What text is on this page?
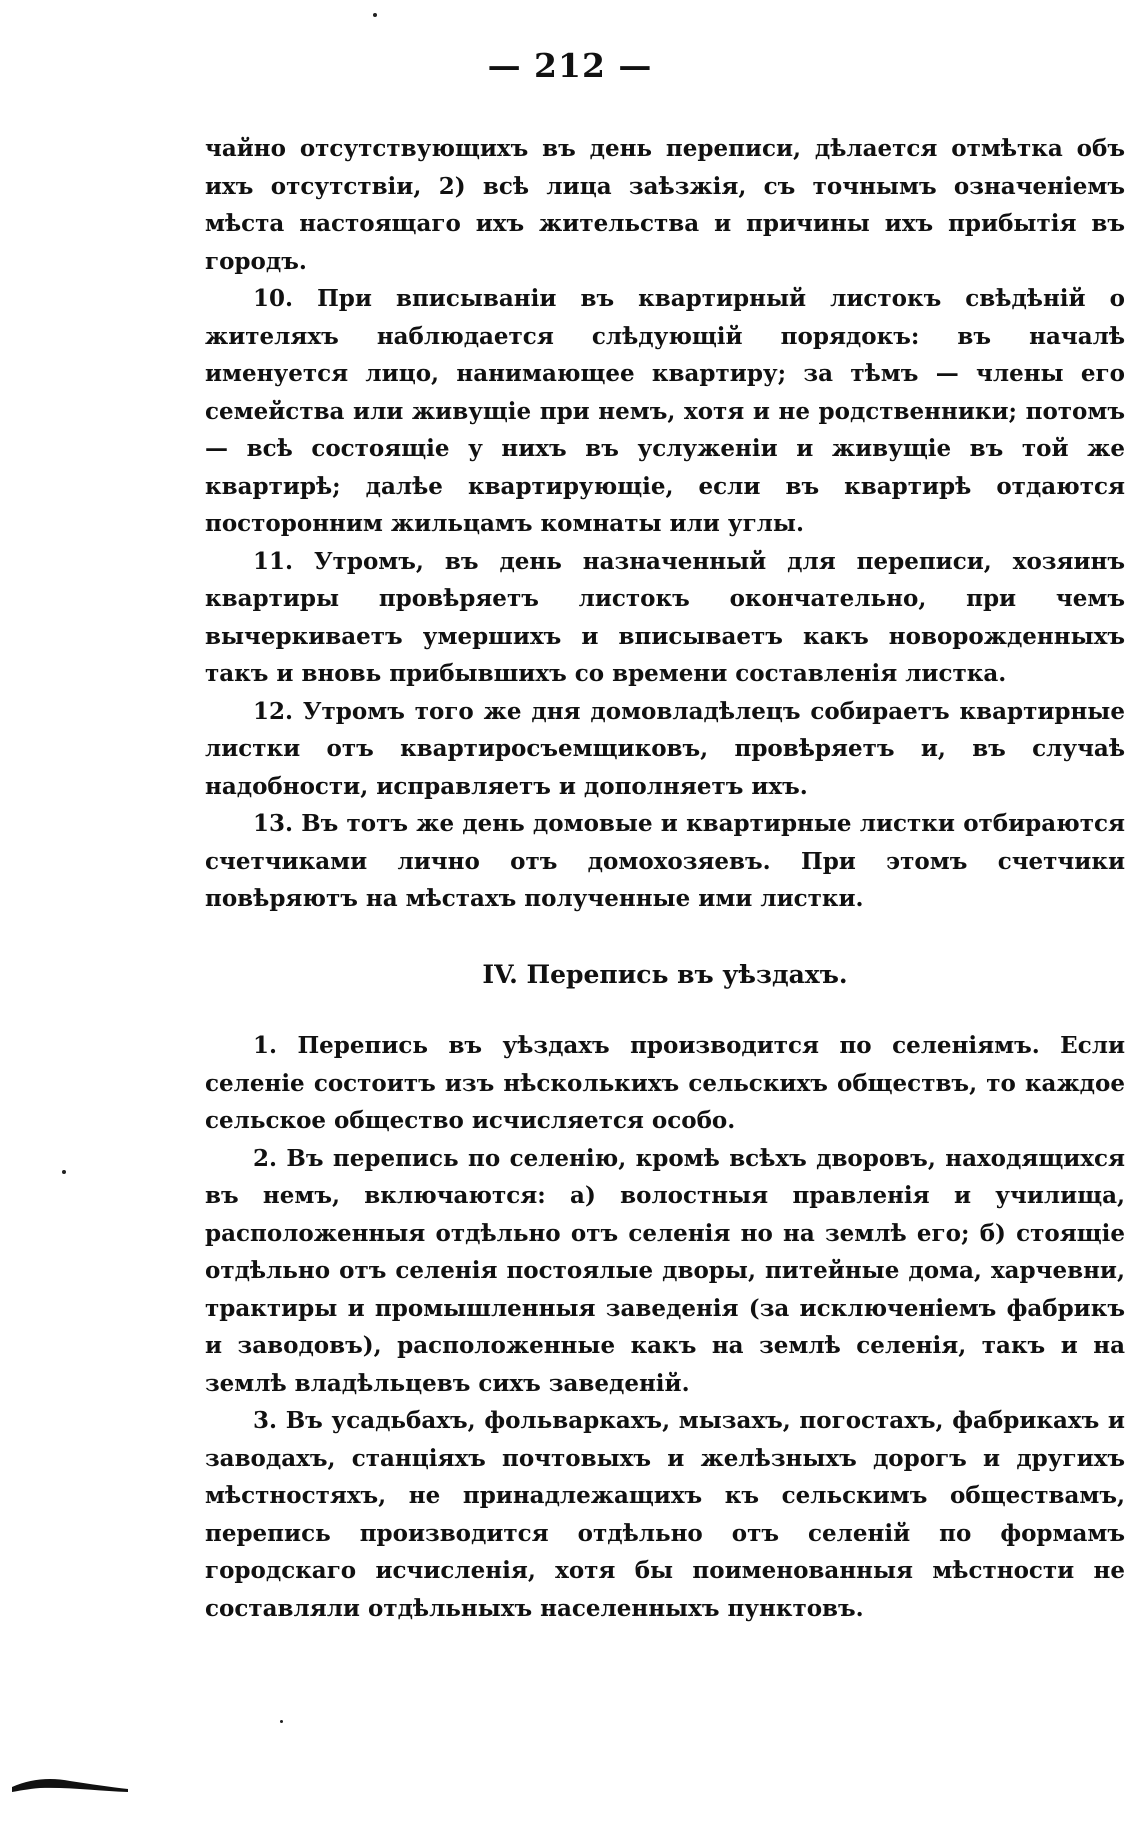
— 212 —

чайно отсутствующихъ въ день переписи, дѣлается отмѣтка объ ихъ отсутствіи, 2) всѣ лица заѣзжія, съ точнымъ означеніемъ мѣста настоящаго ихъ жительства и причины ихъ прибытія въ городъ.

10. При вписываніи въ квартирный листокъ свѣдѣній о жителяхъ наблюдается слѣдующій порядокъ: въ началѣ именуется лицо, нанимающее квартиру; за тѣмъ — члены его семейства или живущіе при немъ, хотя и не родственники; потомъ — всѣ состоящіе у нихъ въ услуженіи и живущіе въ той же квартирѣ; далѣе квартирующіе, если въ квартирѣ отдаются посторонним жильцамъ комнаты или углы.

11. Утромъ, въ день назначенный для переписи, хозяинъ квартиры провѣряетъ листокъ окончательно, при чемъ вычеркиваетъ умершихъ и вписываетъ какъ новорожденныхъ такъ и вновь прибывшихъ со времени составленія листка.

12. Утромъ того же дня домовладѣлецъ собираетъ квартирные листки отъ квартиросъемщиковъ, провѣряетъ и, въ случаѣ надобности, исправляетъ и дополняетъ ихъ.

13. Въ тотъ же день домовые и квартирные листки отбираются счетчиками лично отъ домохозяевъ. При этомъ счетчики повѣряютъ на мѣстахъ полученные ими листки.

IV. Перепись въ уѣздахъ.

1. Перепись въ уѣздахъ производится по селеніямъ. Если селеніе состоитъ изъ нѣсколькихъ сельскихъ обществъ, то каждое сельское общество исчисляется особо.

2. Въ перепись по селенію, кромѣ всѣхъ дворовъ, находящихся въ немъ, включаются: а) волостныя правленія и училища, расположенныя отдѣльно отъ селенія но на землѣ его; б) стоящіе отдѣльно отъ селенія постоялые дворы, питейные дома, харчевни, трактиры и промышленныя заведенія (за исключеніемъ фабрикъ и заводовъ), расположенные какъ на землѣ селенія, такъ и на землѣ владѣльцевъ сихъ заведеній.

3. Въ усадьбахъ, фольваркахъ, мызахъ, погостахъ, фабрикахъ и заводахъ, станціяхъ почтовыхъ и желѣзныхъ дорогъ и другихъ мѣстностяхъ, не принадлежащихъ къ сельскимъ обществамъ, перепись производится отдѣльно отъ селеній по формамъ городскаго исчисленія, хотя бы поименованныя мѣстности не составляли отдѣльныхъ населенныхъ пунктовъ.
